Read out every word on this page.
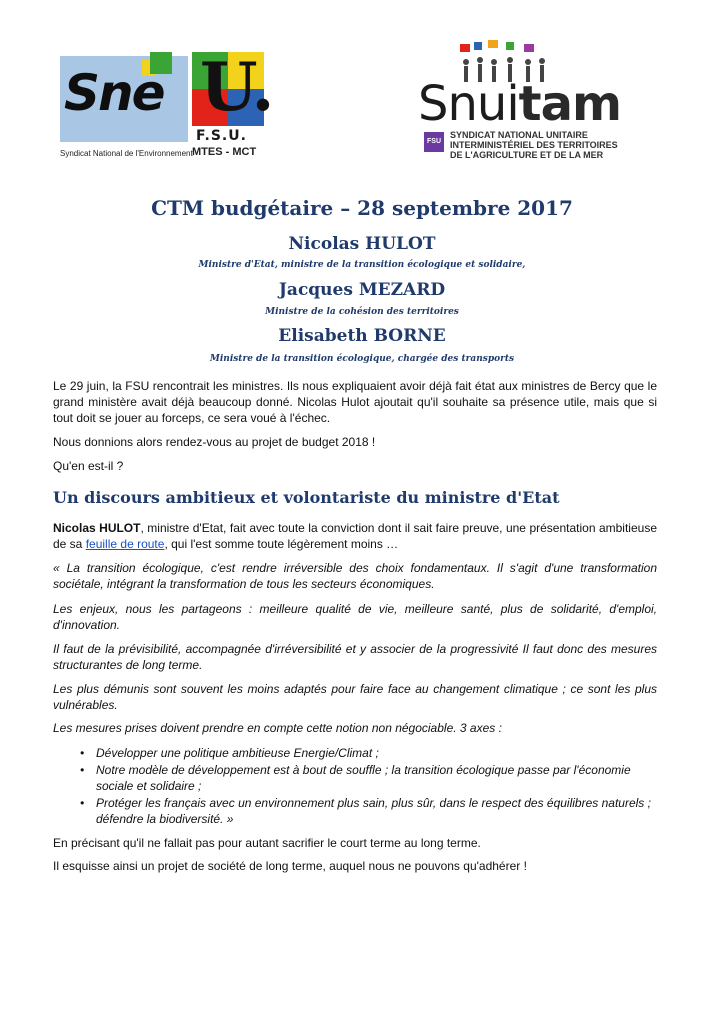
Sne
Syndicat National de l'Environnement
U.
F.S.U.
MTES - MCT
Snuitam
FSU
SYNDICAT NATIONAL UNITAIRE
INTERMINISTÉRIEL DES TERRITOIRES
DE L'AGRICULTURE ET DE LA MER
CTM budgétaire – 28 septembre 2017
Nicolas HULOT
Ministre d'Etat, ministre de la transition écologique et solidaire,
Jacques MEZARD
Ministre de la cohésion des territoires
Elisabeth BORNE
Ministre de la transition écologique, chargée des transports
Le 29 juin, la FSU rencontrait les ministres. Ils nous expliquaient avoir déjà fait état aux ministres de Bercy que le grand ministère avait déjà beaucoup donné. Nicolas Hulot ajoutait qu'il souhaite sa présence utile, mais que si tout doit se jouer au forceps, ce sera voué à l'échec.
Nous donnions alors rendez-vous au projet de budget 2018 !
Qu'en est-il ?
Un discours ambitieux et volontariste du ministre d'Etat
Nicolas HULOT, ministre d'Etat, fait avec toute la conviction dont il sait faire preuve, une présentation ambitieuse de sa feuille de route, qui l'est somme toute légèrement moins …
« La transition écologique, c'est rendre irréversible des choix fondamentaux. Il s'agit d'une transformation sociétale, intégrant la transformation de tous les secteurs économiques.
Les enjeux, nous les partageons : meilleure qualité de vie, meilleure santé, plus de solidarité, d'emploi, d'innovation.
Il faut de la prévisibilité, accompagnée d'irréversibilité et y associer de la progressivité Il faut donc des mesures structurantes de long terme.
Les plus démunis sont souvent les moins adaptés pour faire face au changement climatique ; ce sont les plus vulnérables.
Les mesures prises doivent prendre en compte cette notion non négociable. 3 axes :
• Développer une politique ambitieuse Energie/Climat ;
• Notre modèle de développement est à bout de souffle ; la transition écologique passe par l'économie sociale et solidaire ;
• Protéger les français avec un environnement plus sain, plus sûr, dans le respect des équilibres naturels ; défendre la biodiversité. »
En précisant qu'il ne fallait pas pour autant sacrifier le court terme au long terme.
Il esquisse ainsi un projet de société de long terme, auquel nous ne pouvons qu'adhérer !
